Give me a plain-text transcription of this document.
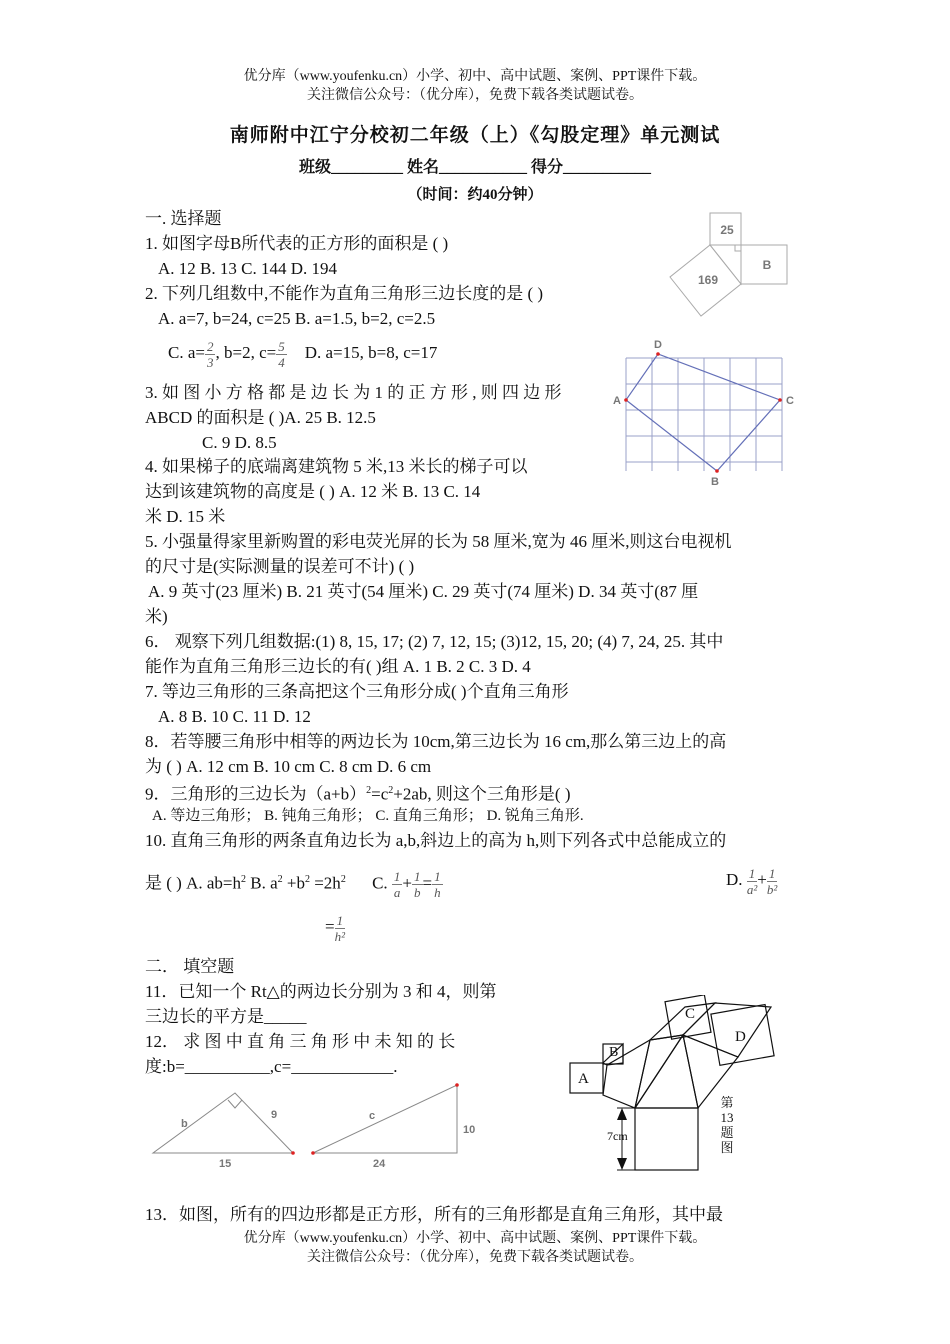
优分库（www.youfenku.cn）小学、初中、高中试题、案例、PPT课件下载。
关注微信公众号：（优分库），免费下载各类试题试卷。
南师附中江宁分校初二年级（上）《勾股定理》单元测试
班级_________ 姓名___________ 得分___________
（时间：约40分钟）
一. 选择题
1. 如图字母B所代表的正方形的面积是 ( )
A. 12 B. 13 C. 144 D. 194
2. 下列几组数中,不能作为直角三角形三边长度的是 ( )
A. a=7, b=24, c=25 B. a=1.5, b=2, c=2.5
C. $a= \frac{2}{3}$ , b=2, $c= \frac{5}{4} D$. a=15, b=8, c=17
3. 如 图 小 方 格 都 是 边 长 为 1 的 正 方 形 , 则 四 边 形
ABCD 的面积是 ( )A. 25 B. 12.5
C. 9 D. 8.5
4. 如果梯子的底端离建筑物 5 米,13 米长的梯子可以
达到该建筑物的高度是 ( ) A. 12 米 B. 13 C. 14
米 D. 15 米
5. 小强量得家里新购置的彩电荧光屏的长为 58 厘米,宽为 46 厘米,则这台电视机
的尺寸是(实际测量的误差可不计) ( )
A. 9 英寸(23 厘米) B. 21 英寸(54 厘米) C. 29 英寸(74 厘米) D. 34 英寸(87 厘
米)
6． 观察下列几组数据:(1) 8, 15, 17; (2) 7, 12, 15; (3)12, 15, 20; (4) 7, 24, 25. 其中
能作为直角三角形三边长的有( )组 A. 1 B. 2 C. 3 D. 4
7. 等边三角形的三条高把这个三角形分成( )个直角三角形
A. 8 B. 10 C. 11 D. 12
8．若等腰三角形中相等的两边长为 10cm,第三边长为 16 cm,那么第三边上的高
为 ( ) A. 12 cm B. 10 cm C. 8 cm D. 6 cm
9．三角形的三边长为$(a+b)^2=c^2+2ab$, 则这个三角形是( )
A. 等边三角形； B. 钝角三角形； C. 直角三角形； D. 锐角三角形.
10. 直角三角形的两条直角边长为 a,b,斜边上的高为 h,则下列各式中总能成立的
是 ( ) A. $ab=h^2$ B. $a^2 +b^2 =2h^2$ C. $\frac{1}{a} + \frac{1}{b} = \frac{1}{h}$	D. $\frac{1}{\text{a²}} + \frac{1}{\text{b²}}$
= $\frac{1}{\text{h²}}$
二． 填空题
11．已知一个 Rt△的两边长分别为 3 和 4，则第
三边长的平方是_____
12． 求 图 中 直 角 三 角 形 中 未 知 的 长
度:b=__________,c=____________.
13．如图，所有的四边形都是正方形，所有的三角形都是直角三角形，其中最
优分库（www.youfenku.cn）小学、初中、高中试题、案例、PPT课件下载。
关注微信公众号：（优分库），免费下载各类试题试卷。
25
169
B
A
D
C
B
b
9
15
c
10
24
A
B
C
D
7cm
第13题图
